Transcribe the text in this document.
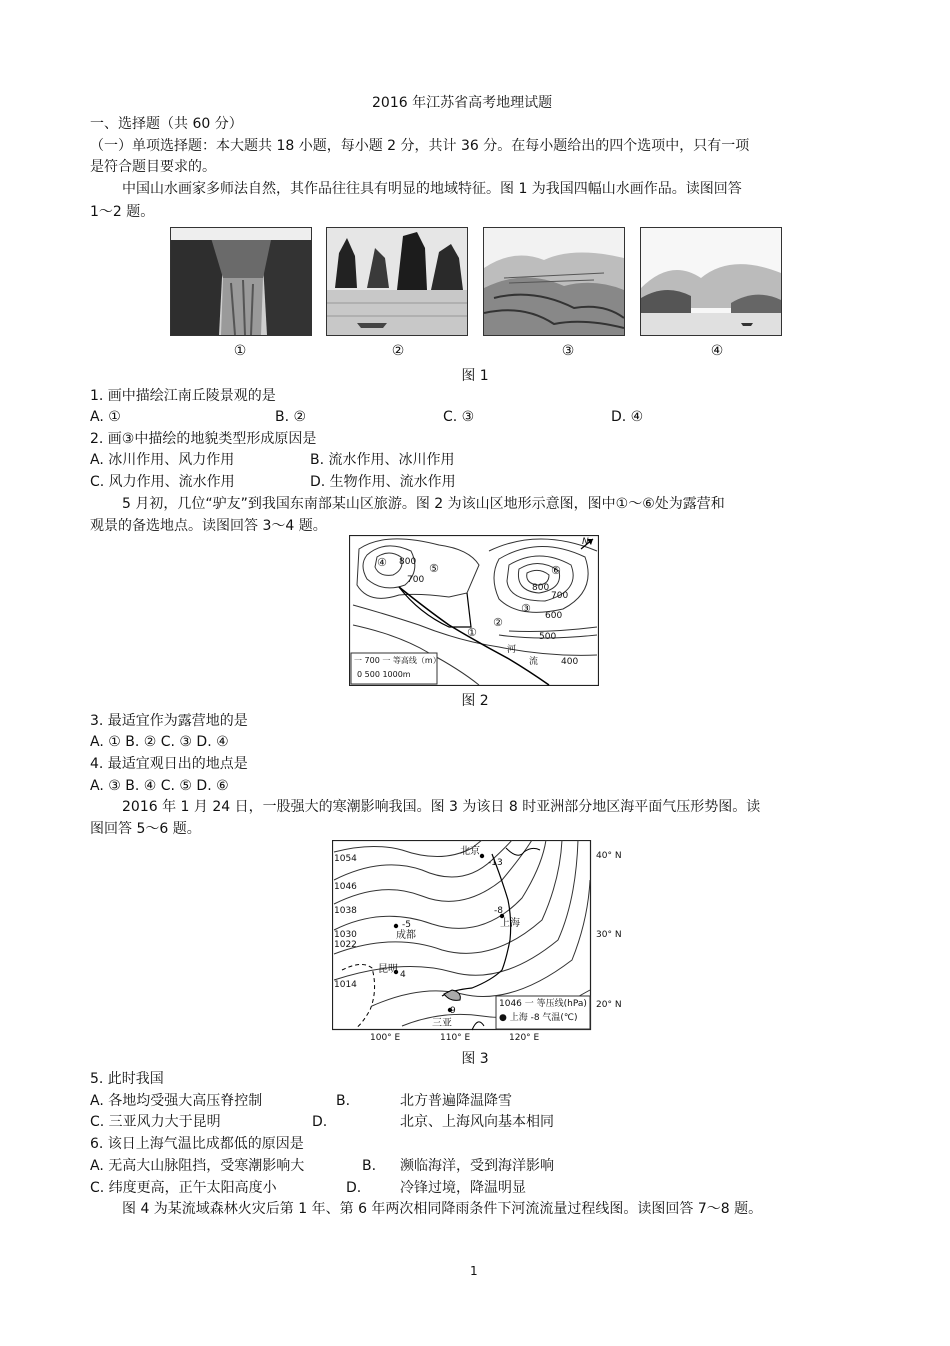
2016 年江苏省高考地理试题
一、选择题（共 60 分）
（一）单项选择题：本大题共 18 小题，每小题 2 分，共计 36 分。在每小题给出的四个选项中，只有一项
是符合题目要求的。
中国山水画家多师法自然，其作品往往具有明显的地域特征。图 1 为我国四幅山水画作品。读图回答
1～2 题。
①	②	③	④
图 1
1. 画中描绘江南丘陵景观的是
A. ①	B. ②	C. ③	D. ④
2. 画③中描绘的地貌类型形成原因是
A. 冰川作用、风力作用	B. 流水作用、冰川作用
C. 风力作用、流水作用	D. 生物作用、流水作用
5 月初，几位“驴友”到我国东南部某山区旅游。图 2 为该山区地形示意图，图中①～⑥处为露营和
观景的备选地点。读图回答 3～4 题。
800
700
800
700
600
500
400
①
②
③
④	⑤	⑥
河
流
N
一 700 一 等高线（m）
0 500 1000m
图 2
3. 最适宜作为露营地的是
A. ① B. ② C. ③ D. ④
4. 最适宜观日出的地点是
A. ③ B. ④ C. ⑤ D. ⑥
2016 年 1 月 24 日，一股强大的寒潮影响我国。图 3 为该日 8 时亚洲部分地区海平面气压形势图。读
图回答 5～6 题。
1054
1046
1038
1030
1022
1014
北京
-13
上海
-8
成都
-5
昆明 4
三亚
9
40° N
30° N
20° N
100° E	110° E	120° E
1046 一 等压线(hPa)
● 上海 -8 气温(℃)
图 3
5. 此时我国
A. 各地均受强大高压脊控制	B.	北方普遍降温降雪
C. 三亚风力大于昆明	D.	北京、上海风向基本相同
6. 该日上海气温比成都低的原因是
A. 无高大山脉阻挡，受寒潮影响大	B. 濒临海洋，受到海洋影响
C. 纬度更高，正午太阳高度小	D.	冷锋过境，降温明显
图 4 为某流域森林火灾后第 1 年、第 6 年两次相同降雨条件下河流流量过程线图。读图回答 7～8 题。
1
